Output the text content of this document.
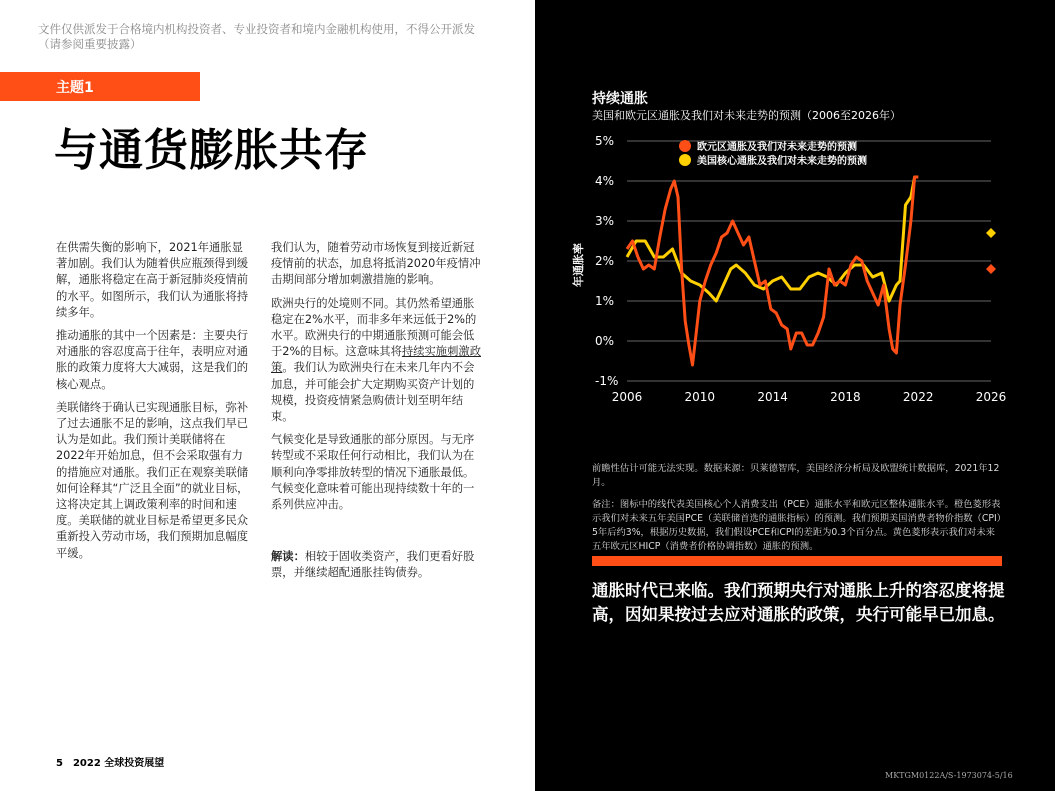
文件仅供派发于合格境内机构投资者、专业投资者和境内金融机构使用，不得公开派发
（请参阅重要披露）
主题1
与通货膨胀共存

在供需失衡的影响下，2021年通胀显著加剧。我们认为随着供应瓶颈得到缓解，通胀将稳定在高于新冠肺炎疫情前的水平。如图所示，我们认为通胀将持续多年。

推动通胀的其中一个因素是：主要央行对通胀的容忍度高于往年，表明应对通胀的政策力度将大大减弱，这是我们的核心观点。

美联储终于确认已实现通胀目标，弥补了过去通胀不足的影响，这点我们早已认为是如此。我们预计美联储将在2022年开始加息，但不会采取强有力的措施应对通胀。我们正在观察美联储如何诠释其“广泛且全面”的就业目标，这将决定其上调政策利率的时间和速度。美联储的就业目标是希望更多民众重新投入劳动市场，我们预期加息幅度平缓。

我们认为，随着劳动市场恢复到接近新冠疫情前的状态，加息将抵消2020年疫情冲击期间部分增加刺激措施的影响。

欧洲央行的处境则不同。其仍然希望通胀稳定在2%水平，而非多年来远低于2%的水平。欧洲央行的中期通胀预测可能会低于2%的目标。这意味其将持续实施刺激政策。我们认为欧洲央行在未来几年内不会加息，并可能会扩大定期购买资产计划的规模，投资疫情紧急购债计划至明年结束。

气候变化是导致通胀的部分原因。与无序转型或不采取任何行动相比，我们认为在顺利向净零排放转型的情况下通胀最低。气候变化意味着可能出现持续数十年的一系列供应冲击。

解读：相较于固收类资产，我们更看好股票，并继续超配通胀挂钩债券。
5 2022 全球投资展望
持续通胀
美国和欧元区通胀及我们对未来走势的预测（2006至2026年）
5%
4%
3%
2%
1%
0%
-1%
2006	2010	2014	2018	2022	2026
年通胀率
欧元区通胀及我们对未来走势的预测
美国核心通胀及我们对未来走势的预测

前瞻性估计可能无法实现。数据来源：贝莱德智库，美国经济分析局及欧盟统计数据库，2021年12月。

备注：图标中的线代表美国核心个人消费支出（PCE）通胀水平和欧元区整体通胀水平。橙色菱形表示我们对未来五年美国PCE（美联储首选的通胀指标）的预测。我们预期美国消费者物价指数（CPI）5年后约3%，根据历史数据，我们假设PCE和CPI的差距为0.3个百分点。黄色菱形表示我们对未来五年欧元区HICP（消费者价格协调指数）通胀的预测。

通胀时代已来临。我们预期央行对通胀上升的容忍度将提高，因如果按过去应对通胀的政策，央行可能早已加息。
MKTGM0122A/S-1973074-5/16
